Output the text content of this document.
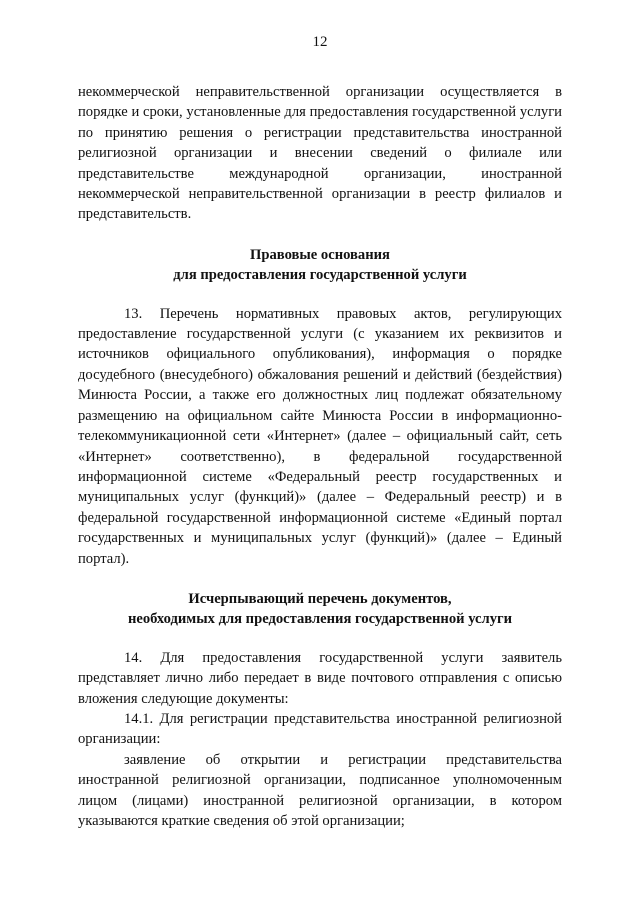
12

некоммерческой неправительственной организации осуществляется в порядке и сроки, установленные для предоставления государственной услуги по принятию решения о регистрации представительства иностранной религиозной организации и внесении сведений о филиале или представительстве международной организации, иностранной некоммерческой неправительственной организации в реестр филиалов и представительств.

Правовые основания
для предоставления государственной услуги

13. Перечень нормативных правовых актов, регулирующих предоставление государственной услуги (с указанием их реквизитов и источников официального опубликования), информация о порядке досудебного (внесудебного) обжалования решений и действий (бездействия) Минюста России, а также его должностных лиц подлежат обязательному размещению на официальном сайте Минюста России в информационно-телекоммуникационной сети «Интернет» (далее – официальный сайт, сеть «Интернет» соответственно), в федеральной государственной информационной системе «Федеральный реестр государственных и муниципальных услуг (функций)» (далее – Федеральный реестр) и в федеральной государственной информационной системе «Единый портал государственных и муниципальных услуг (функций)» (далее – Единый портал).

Исчерпывающий перечень документов,
необходимых для предоставления государственной услуги

14. Для предоставления государственной услуги заявитель представляет лично либо передает в виде почтового отправления с описью вложения следующие документы:

14.1. Для регистрации представительства иностранной религиозной организации:

заявление об открытии и регистрации представительства иностранной религиозной организации, подписанное уполномоченным лицом (лицами) иностранной религиозной организации, в котором указываются краткие сведения об этой организации;
